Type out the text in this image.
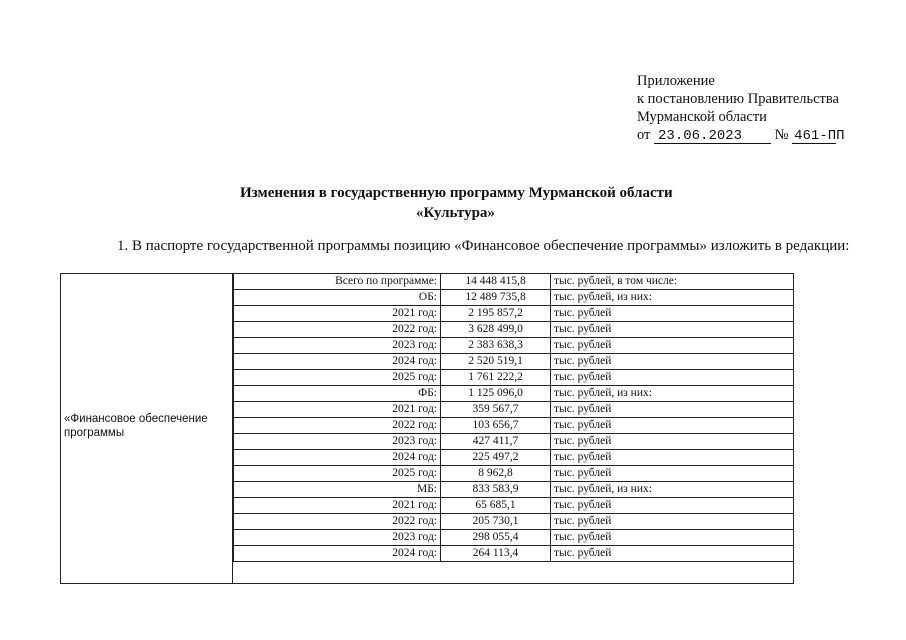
Приложение
к постановлению Правительства
Мурманской области
от 23.06.2023 № 461-ПП
Изменения в государственную программу Мурманской области
«Культура»
1. В паспорте государственной программы позицию «Финансовое обеспечение программы» изложить в редакции:
«Финансовое обеспечение программы
Всего по программе:	14 448 415,8	тыс. рублей, в том числе:
ОБ:	12 489 735,8	тыс. рублей, из них:
2021 год:	2 195 857,2	тыс. рублей
2022 год:	3 628 499,0	тыс. рублей
2023 год:	2 383 638,3	тыс. рублей
2024 год:	2 520 519,1	тыс. рублей
2025 год:	1 761 222,2	тыс. рублей
ФБ:	1 125 096,0	тыс. рублей, из них:
2021 год:	359 567,7	тыс. рублей
2022 год:	103 656,7	тыс. рублей
2023 год:	427 411,7	тыс. рублей
2024 год:	225 497,2	тыс. рублей
2025 год:	8 962,8	тыс. рублей
МБ:	833 583,9	тыс. рублей, из них:
2021 год:	65 685,1	тыс. рублей
2022 год:	205 730,1	тыс. рублей
2023 год:	298 055,4	тыс. рублей
2024 год:	264 113,4	тыс. рублей
